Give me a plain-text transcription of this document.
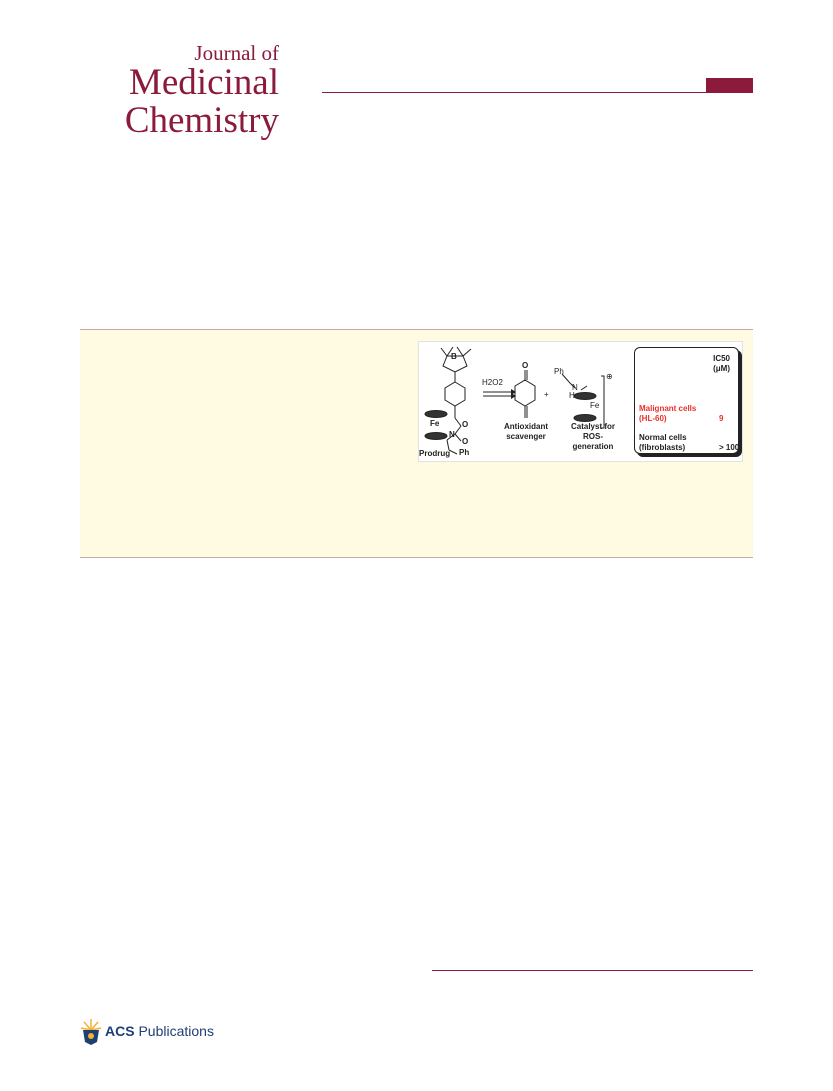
Journal of
Medicinal
Chemistry
B
Fe
N
O
O
Ph
Prodrug
H2O2
O
Antioxidant
scavenger
+
Ph
N
H
Fe
⊕
Catalyst for
ROS-
generation
IC50
(μM)
Malignant cells
(HL-60)	9
Normal cells
(fibroblasts)	> 100
ACS Publications
